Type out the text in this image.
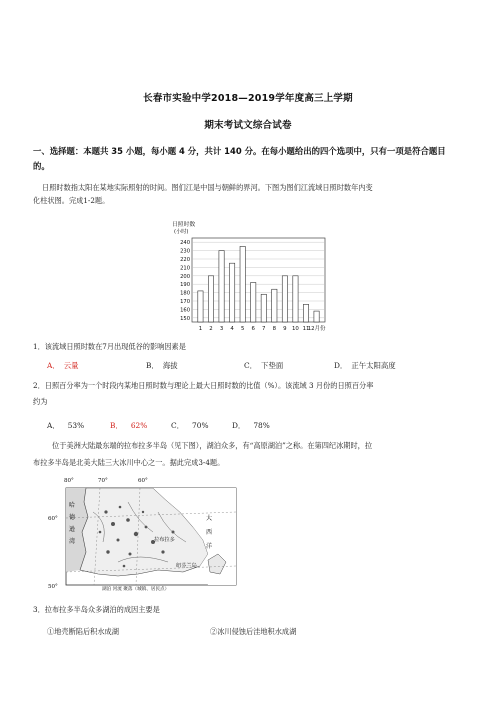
长春市实验中学2018—2019学年度高三上学期
期末考试文综合试卷
一、选择题：本题共 35 小题，每小题 4 分，共计 140 分。在每小题给出的四个选项中，只有一项是符合题目
的。
日照时数指太阳在某地实际照射的时间。图们江是中国与朝鲜的界河。下图为图们江流域日照时数年内变
化柱状图。完成1-2题。
日照时数
(小时)
150
160
170
180
190
200
210
220
230
240
1 2 3 4 5 6 7 8 9 10 11
12月份
1．该流域日照时数在7月出现低谷的影响因素是
A． 云量	B． 海拔	C． 下垫面	D． 正午太阳高度
2．日照百分率为一个时段内某地日照时数与理论上最大日照时数的比值（%）。该流域 3 月份的日照百分率
约为
A． 53%	B． 62%	C． 70%	D． 78%
位于美洲大陆最东端的拉布拉多半岛（见下图），湖泊众多，有“高原湖泊”之称。在第四纪冰期时，拉
布拉多半岛是北美大陆三大冰川中心之一。据此完成3-4题。
80°	70°	60°
60°
50°
哈
德
逊
湾
大
西
洋
纽芬兰岛
拉布拉多
湖泊 河流 聚落（城镇、居民点）
3．拉布拉多半岛众多湖泊的成因主要是
①地壳断陷后积水成湖	②冰川侵蚀后洼地积水成湖
